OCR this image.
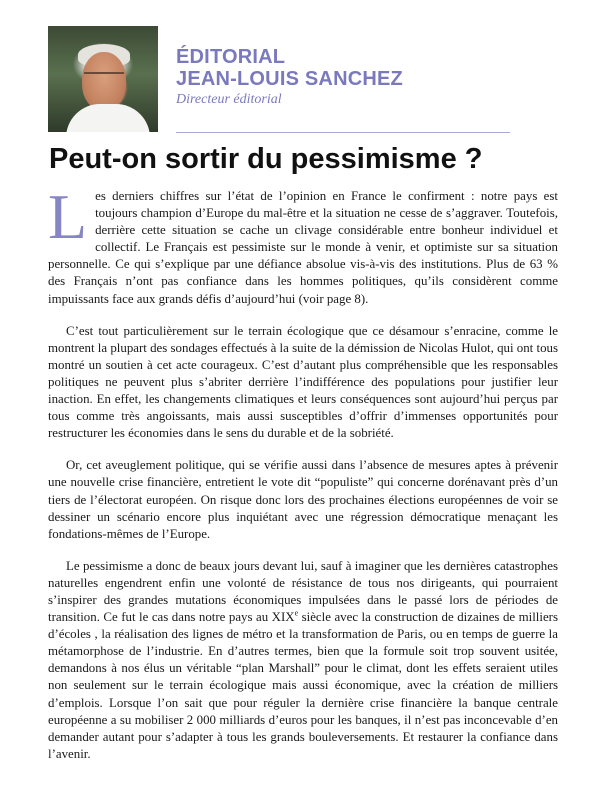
ÉDITORIAL
JEAN-LOUIS SANCHEZ
Directeur éditorial
Peut-on sortir du pessimisme ?

Les derniers chiffres sur l’état de l’opinion en France le confirment : notre pays est toujours champion d’Europe du mal-être et la situation ne cesse de s’aggraver. Toutefois, derrière cette situation se cache un clivage considérable entre bonheur individuel et collectif. Le Français est pessimiste sur le monde à venir, et optimiste sur sa situation personnelle. Ce qui s’explique par une défiance absolue vis-à-vis des institutions. Plus de 63 % des Français n’ont pas confiance dans les hommes politiques, qu’ils considèrent comme impuissants face aux grands défis d’aujourd’hui (voir page 8).

C’est tout particulièrement sur le terrain écologique que ce désamour s’enracine, comme le montrent la plupart des sondages effectués à la suite de la démission de Nicolas Hulot, qui ont tous montré un soutien à cet acte courageux. C’est d’autant plus compréhensible que les responsables politiques ne peuvent plus s’abriter derrière l’indifférence des populations pour justifier leur inaction. En effet, les changements climatiques et leurs conséquences sont aujourd’hui perçus par tous comme très angoissants, mais aussi susceptibles d’offrir d’immenses opportunités pour restructurer les économies dans le sens du durable et de la sobriété.

Or, cet aveuglement politique, qui se vérifie aussi dans l’absence de mesures aptes à prévenir une nouvelle crise financière, entretient le vote dit “populiste” qui concerne dorénavant près d’un tiers de l’électorat européen. On risque donc lors des prochaines élections européennes de voir se dessiner un scénario encore plus inquiétant avec une régression démocratique menaçant les fondations-mêmes de l’Europe.

Le pessimisme a donc de beaux jours devant lui, sauf à imaginer que les dernières catastrophes naturelles engendrent enfin une volonté de résistance de tous nos dirigeants, qui pourraient s’inspirer des grandes mutations économiques impulsées dans le passé lors de périodes de transition. Ce fut le cas dans notre pays au XIXe siècle avec la construction de dizaines de milliers d’écoles , la réalisation des lignes de métro et la transformation de Paris, ou en temps de guerre la métamorphose de l’industrie. En d’autres termes, bien que la formule soit trop souvent usitée, demandons à nos élus un véritable “plan Marshall” pour le climat, dont les effets seraient utiles non seulement sur le terrain écologique mais aussi économique, avec la création de milliers d’emplois. Lorsque l’on sait que pour réguler la dernière crise financière la banque centrale européenne a su mobiliser 2 000 milliards d’euros pour les banques, il n’est pas inconcevable d’en demander autant pour s’adapter à tous les grands bouleversements. Et restaurer la confiance dans l’avenir.
